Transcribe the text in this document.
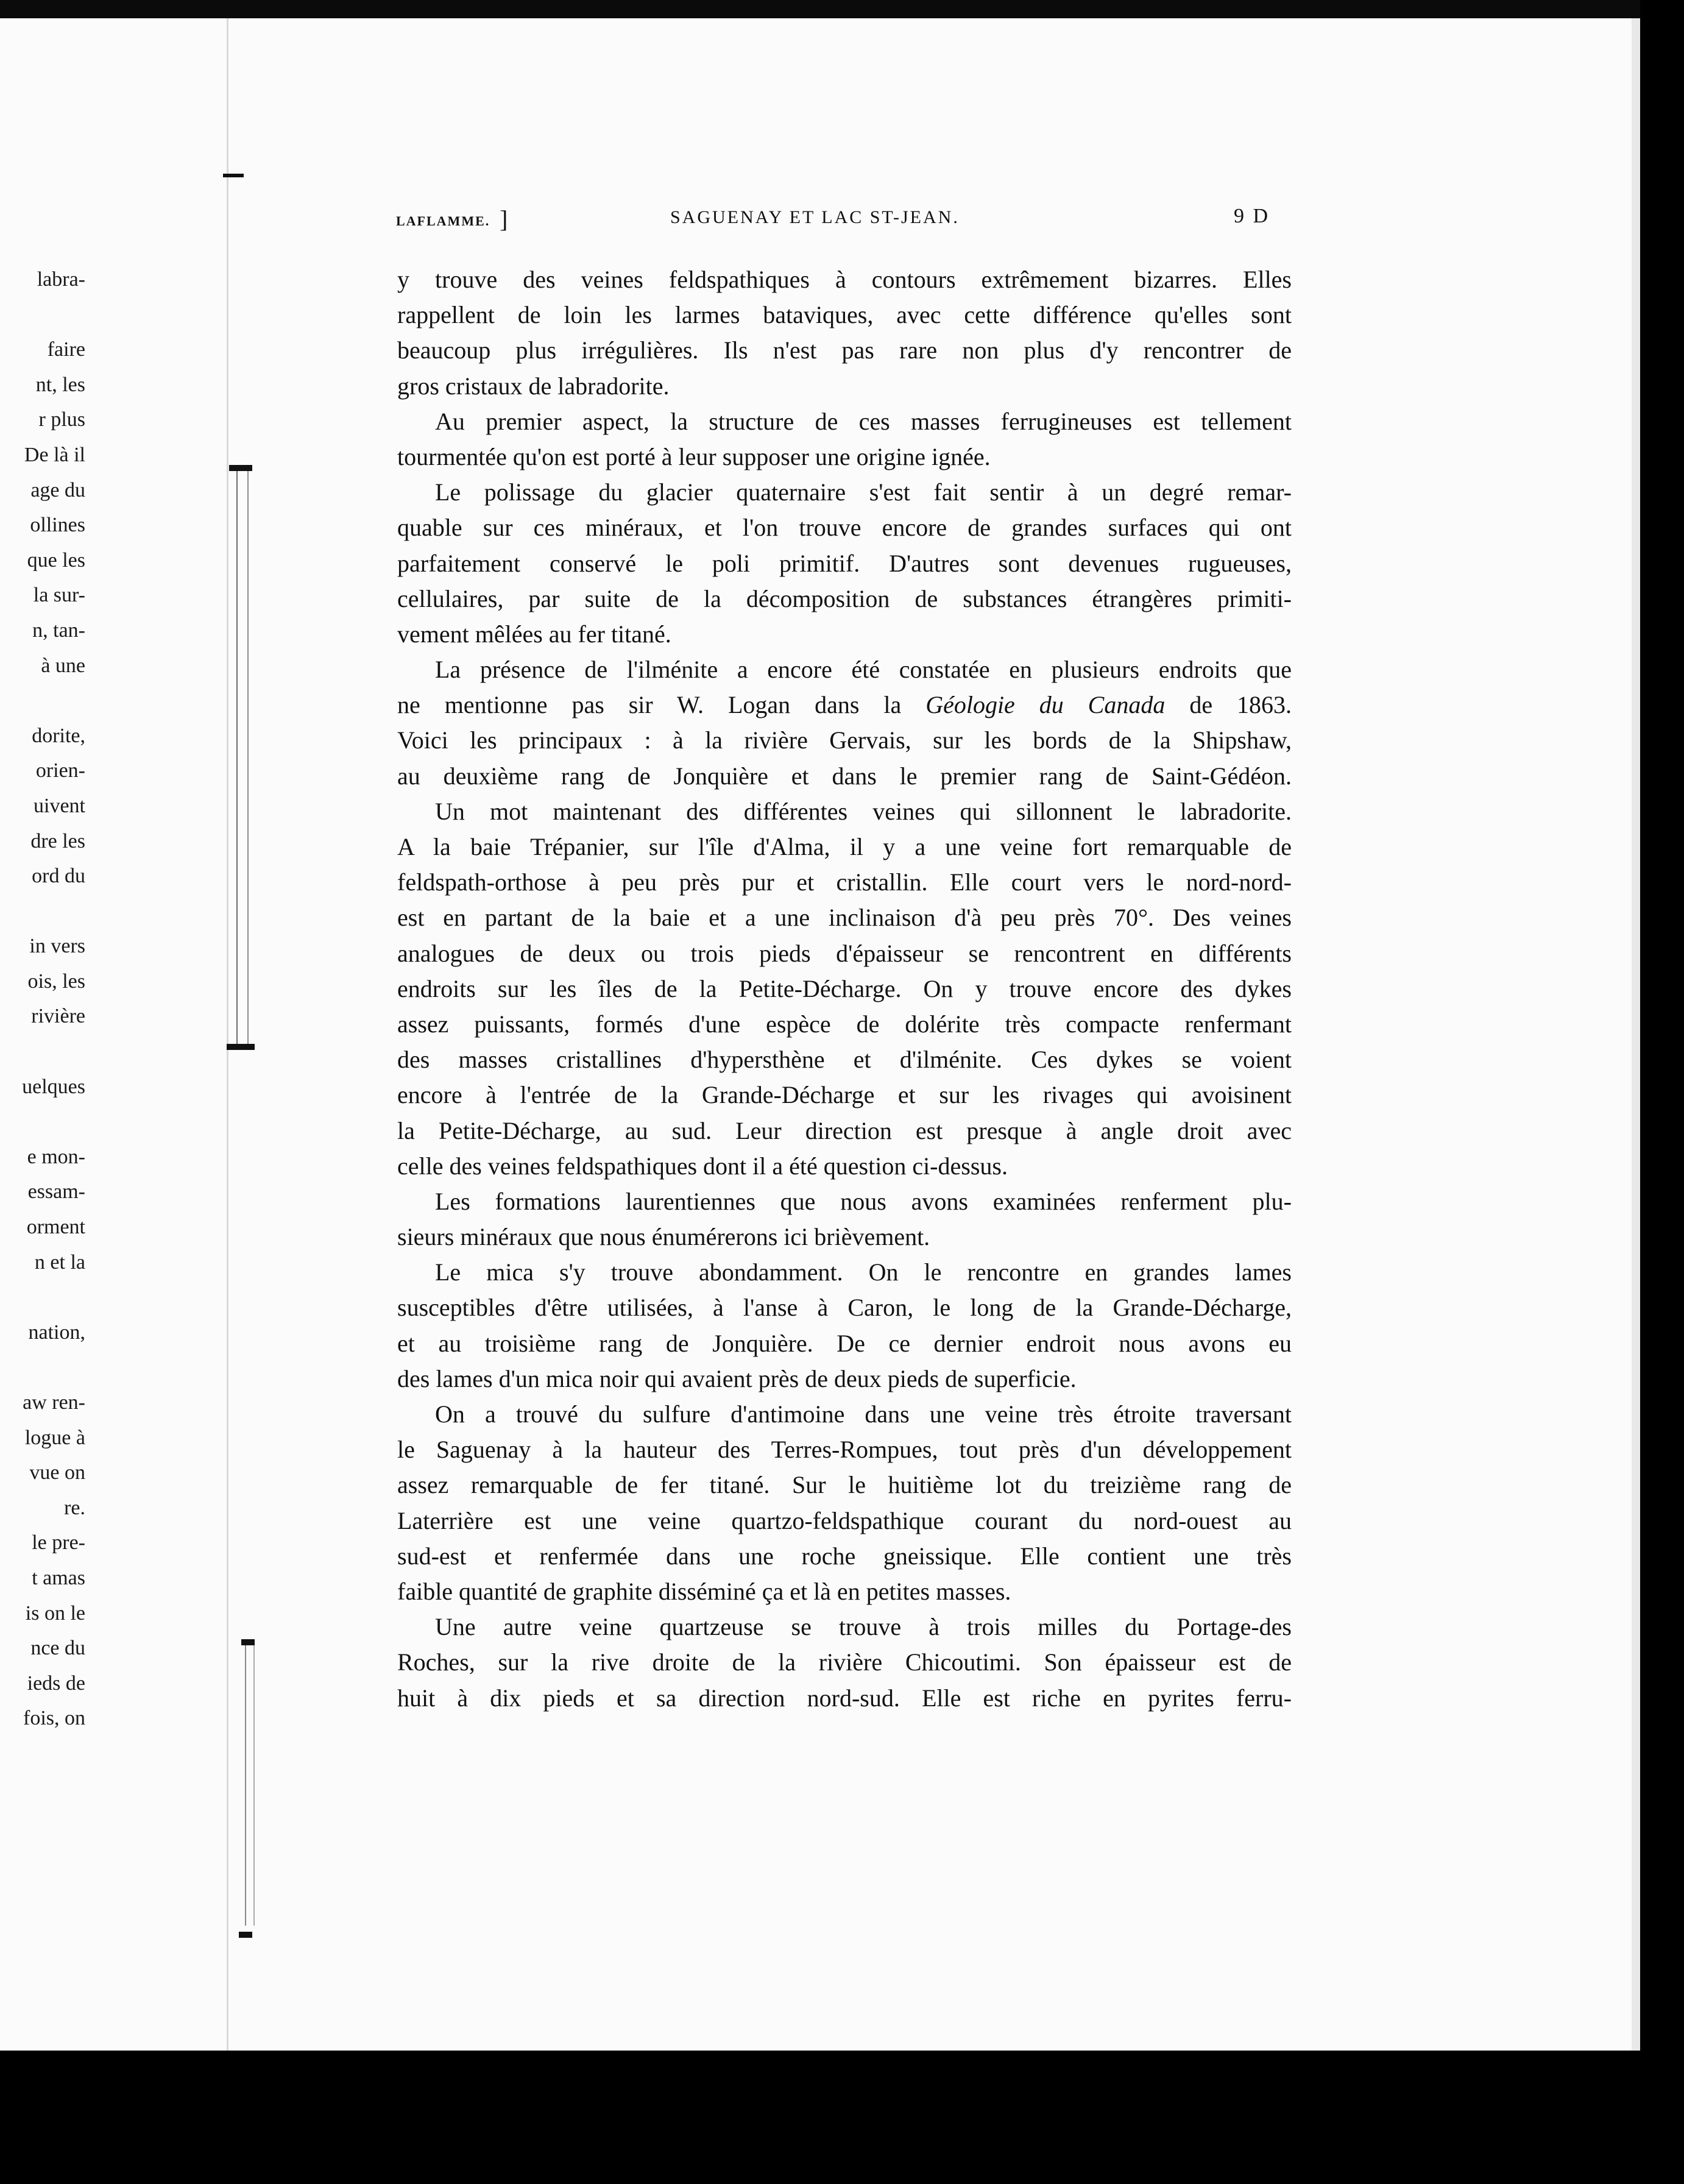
labra-
faire
nt, les
r plus
De là il
age du
ollines
que les
la sur-
n, tan-
à une
dorite,
orien-
uivent
dre les
ord du
in vers
ois, les
rivière
uelques
e mon-
essam-
orment
n et la
nation,
aw ren-
logue à
vue on
re.
le pre-
t amas
is on le
nce du
ieds de
fois, on
LAFLAMME. ]	SAGUENAY ET LAC ST-JEAN.	9 D
y trouve des veines feldspathiques à contours extrêmement bizarres. Elles
rappellent de loin les larmes bataviques, avec cette différence qu'elles sont
beaucoup plus irrégulières. Ils n'est pas rare non plus d'y rencontrer de
gros cristaux de labradorite.
Au premier aspect, la structure de ces masses ferrugineuses est tellement
tourmentée qu'on est porté à leur supposer une origine ignée.
Le polissage du glacier quaternaire s'est fait sentir à un degré remar-
quable sur ces minéraux, et l'on trouve encore de grandes surfaces qui ont
parfaitement conservé le poli primitif. D'autres sont devenues rugueuses,
cellulaires, par suite de la décomposition de substances étrangères primiti-
vement mêlées au fer titané.
La présence de l'ilménite a encore été constatée en plusieurs endroits que
ne mentionne pas sir W. Logan dans la Géologie du Canada de 1863.
Voici les principaux : à la rivière Gervais, sur les bords de la Shipshaw,
au deuxième rang de Jonquière et dans le premier rang de Saint-Gédéon.
Un mot maintenant des différentes veines qui sillonnent le labradorite.
A la baie Trépanier, sur l'île d'Alma, il y a une veine fort remarquable de
feldspath-orthose à peu près pur et cristallin. Elle court vers le nord-nord-
est en partant de la baie et a une inclinaison d'à peu près 70°. Des veines
analogues de deux ou trois pieds d'épaisseur se rencontrent en différents
endroits sur les îles de la Petite-Décharge. On y trouve encore des dykes
assez puissants, formés d'une espèce de dolérite très compacte renfermant
des masses cristallines d'hypersthène et d'ilménite. Ces dykes se voient
encore à l'entrée de la Grande-Décharge et sur les rivages qui avoisinent
la Petite-Décharge, au sud. Leur direction est presque à angle droit avec
celle des veines feldspathiques dont il a été question ci-dessus.
Les formations laurentiennes que nous avons examinées renferment plu-
sieurs minéraux que nous énumérerons ici brièvement.
Le mica s'y trouve abondamment. On le rencontre en grandes lames
susceptibles d'être utilisées, à l'anse à Caron, le long de la Grande-Décharge,
et au troisième rang de Jonquière. De ce dernier endroit nous avons eu
des lames d'un mica noir qui avaient près de deux pieds de superficie.
On a trouvé du sulfure d'antimoine dans une veine très étroite traversant
le Saguenay à la hauteur des Terres-Rompues, tout près d'un développement
assez remarquable de fer titané. Sur le huitième lot du treizième rang de
Laterrière est une veine quartzo-feldspathique courant du nord-ouest au
sud-est et renfermée dans une roche gneissique. Elle contient une très
faible quantité de graphite disséminé ça et là en petites masses.
Une autre veine quartzeuse se trouve à trois milles du Portage-des
Roches, sur la rive droite de la rivière Chicoutimi. Son épaisseur est de
huit à dix pieds et sa direction nord-sud. Elle est riche en pyrites ferru-
